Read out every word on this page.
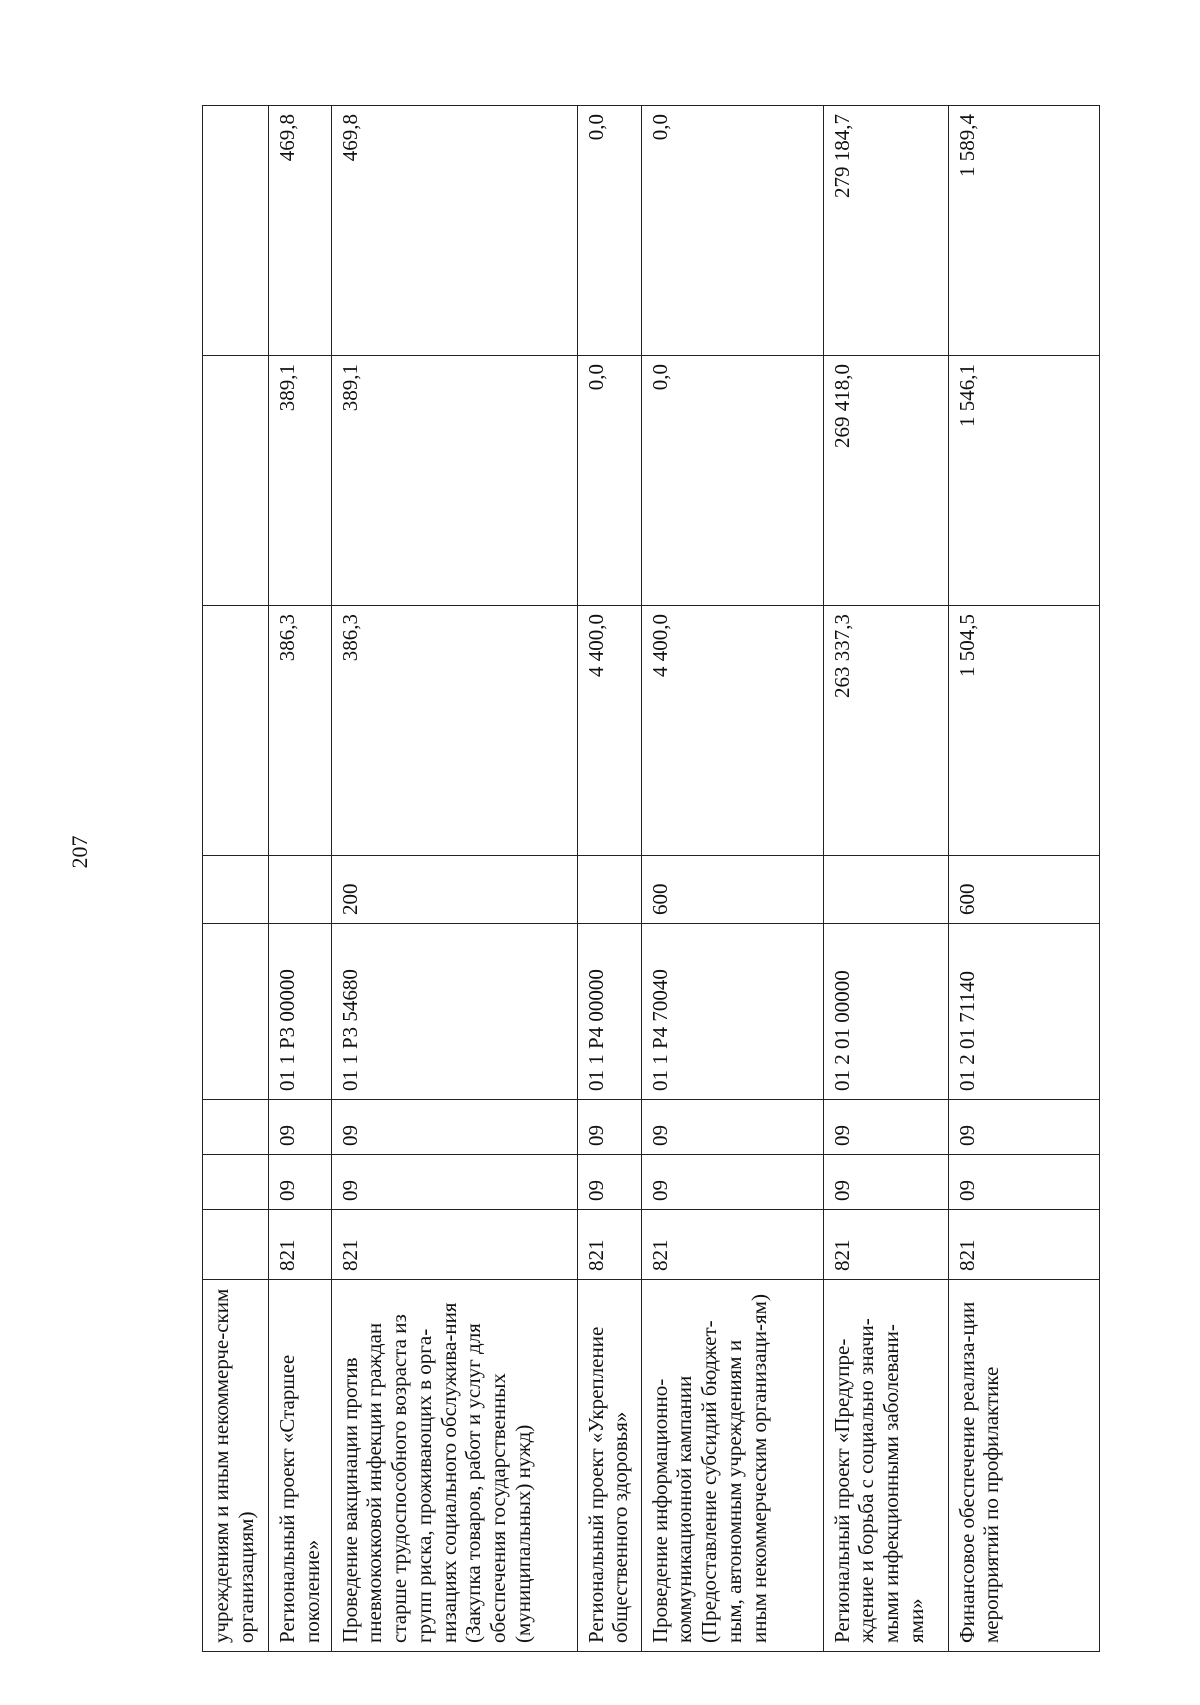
207
учреждениям и иным некоммерче-ским организациям)								
Региональный проект «Старшее поколение»	821	09	09	01 1 P3 00000		386,3	389,1	469,8
Проведение вакцинации против пневмококковой инфекции граждан старше трудоспособного возраста из групп риска, проживающих в орга-низациях социального обслужива-ния (Закупка товаров, работ и услуг для обеспечения государственных (муниципальных) нужд)	821	09	09	01 1 P3 54680	200	386,3	389,1	469,8
Региональный проект «Укрепление общественного здоровья»	821	09	09	01 1 P4 00000		4 400,0	0,0	0,0
Проведение информационно-коммуникационной кампании (Предоставление субсидий бюджет-ным, автономным учреждениям и иным некоммерческим организаци-ям)	821	09	09	01 1 P4 70040	600	4 400,0	0,0	0,0
Региональный проект «Предупре-ждение и борьба с социально значи-мыми инфекционными заболевани-ями»	821	09	09	01 2 01 00000		263 337,3	269 418,0	279 184,7
Финансовое обеспечение реализа-ции мероприятий по профилактике	821	09	09	01 2 01 71140	600	1 504,5	1 546,1	1 589,4
